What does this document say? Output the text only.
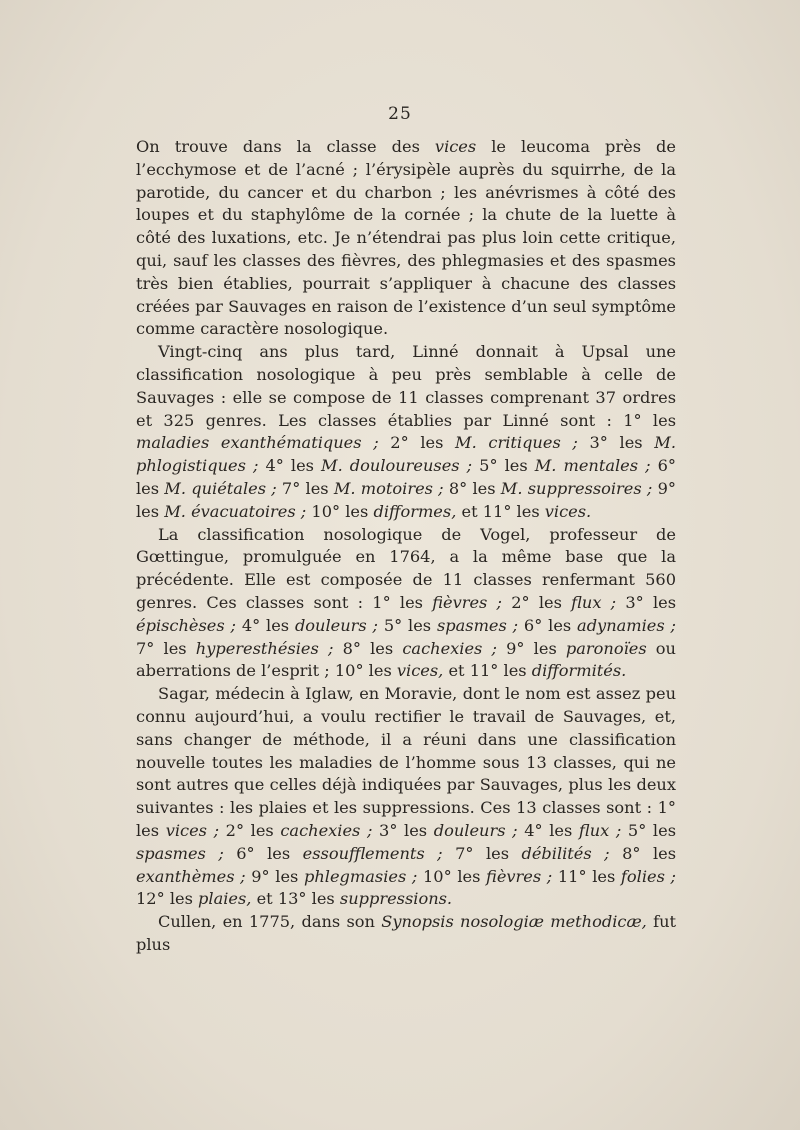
25

On trouve dans la classe des vices le leucoma près de l’ecchymose et de l’acné ; l’érysipèle auprès du squirrhe, de la parotide, du cancer et du charbon ; les anévrismes à côté des loupes et du staphylôme de la cornée ; la chute de la luette à côté des luxations, etc. Je n’étendrai pas plus loin cette critique, qui, sauf les classes des fièvres, des phlegmasies et des spasmes très bien établies, pourrait s’appliquer à chacune des classes créées par Sauvages en raison de l’existence d’un seul symptôme comme caractère nosologique.

Vingt-cinq ans plus tard, Linné donnait à Upsal une classification nosologique à peu près semblable à celle de Sauvages : elle se compose de 11 classes comprenant 37 ordres et 325 genres. Les classes établies par Linné sont : 1° les maladies exanthématiques ; 2° les M. critiques ; 3° les M. phlogistiques ; 4° les M. douloureuses ; 5° les M. mentales ; 6° les M. quiétales ; 7° les M. motoires ; 8° les M. suppressoires ; 9° les M. évacuatoires ; 10° les difformes, et 11° les vices.

La classification nosologique de Vogel, professeur de Gœttingue, promulguée en 1764, a la même base que la précédente. Elle est composée de 11 classes renfermant 560 genres. Ces classes sont : 1° les fièvres ; 2° les flux ; 3° les épischèses ; 4° les douleurs ; 5° les spasmes ; 6° les adynamies ; 7° les hyperesthésies ; 8° les cachexies ; 9° les paronoïes ou aberrations de l’esprit ; 10° les vices, et 11° les difformités.

Sagar, médecin à Iglaw, en Moravie, dont le nom est assez peu connu aujourd’hui, a voulu rectifier le travail de Sauvages, et, sans changer de méthode, il a réuni dans une classification nouvelle toutes les maladies de l’homme sous 13 classes, qui ne sont autres que celles déjà indiquées par Sauvages, plus les deux suivantes : les plaies et les suppressions. Ces 13 classes sont : 1° les vices ; 2° les cachexies ; 3° les douleurs ; 4° les flux ; 5° les spasmes ; 6° les essoufflements ; 7° les débilités ; 8° les exanthèmes ; 9° les phlegmasies ; 10° les fièvres ; 11° les folies ; 12° les plaies, et 13° les suppressions.

Cullen, en 1775, dans son Synopsis nosologiæ methodicæ, fut plus
